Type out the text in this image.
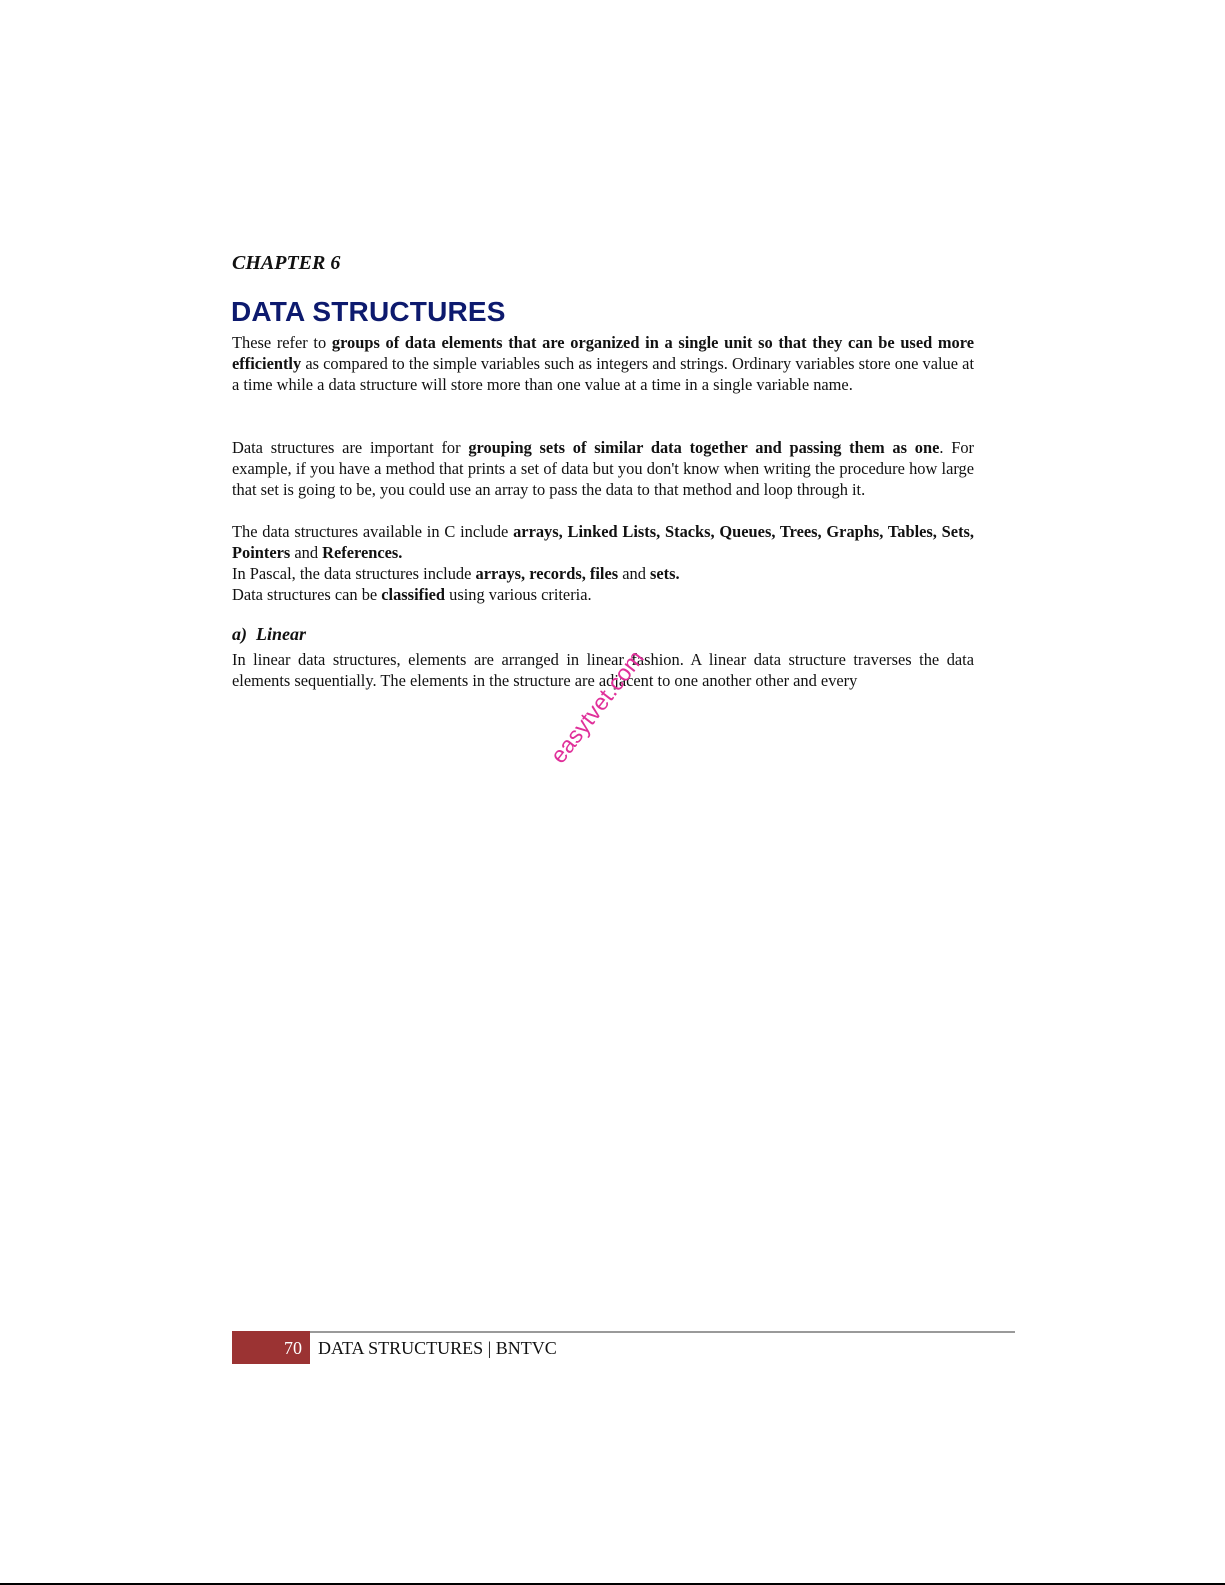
CHAPTER 6

DATA STRUCTURES

These refer to groups of data elements that are organized in a single unit so that they can be used more efficiently as compared to the simple variables such as integers and strings. Ordinary variables store one value at a time while a data structure will store more than one value at a time in a single variable name.

Data structures are important for grouping sets of similar data together and passing them as one. For example, if you have a method that prints a set of data but you don't know when writing the procedure how large that set is going to be, you could use an array to pass the data to that method and loop through it.

The data structures available in C include arrays, Linked Lists, Stacks, Queues, Trees, Graphs, Tables, Sets, Pointers and References.

In Pascal, the data structures include arrays, records, files and sets.

Data structures can be classified using various criteria.

a) Linear

In linear data structures, elements are arranged in linear fashion. A linear data structure traverses the data elements sequentially. The elements in the structure are adjacent to one another other and every

easytvet.com
70 DATA STRUCTURES | BNTVC
